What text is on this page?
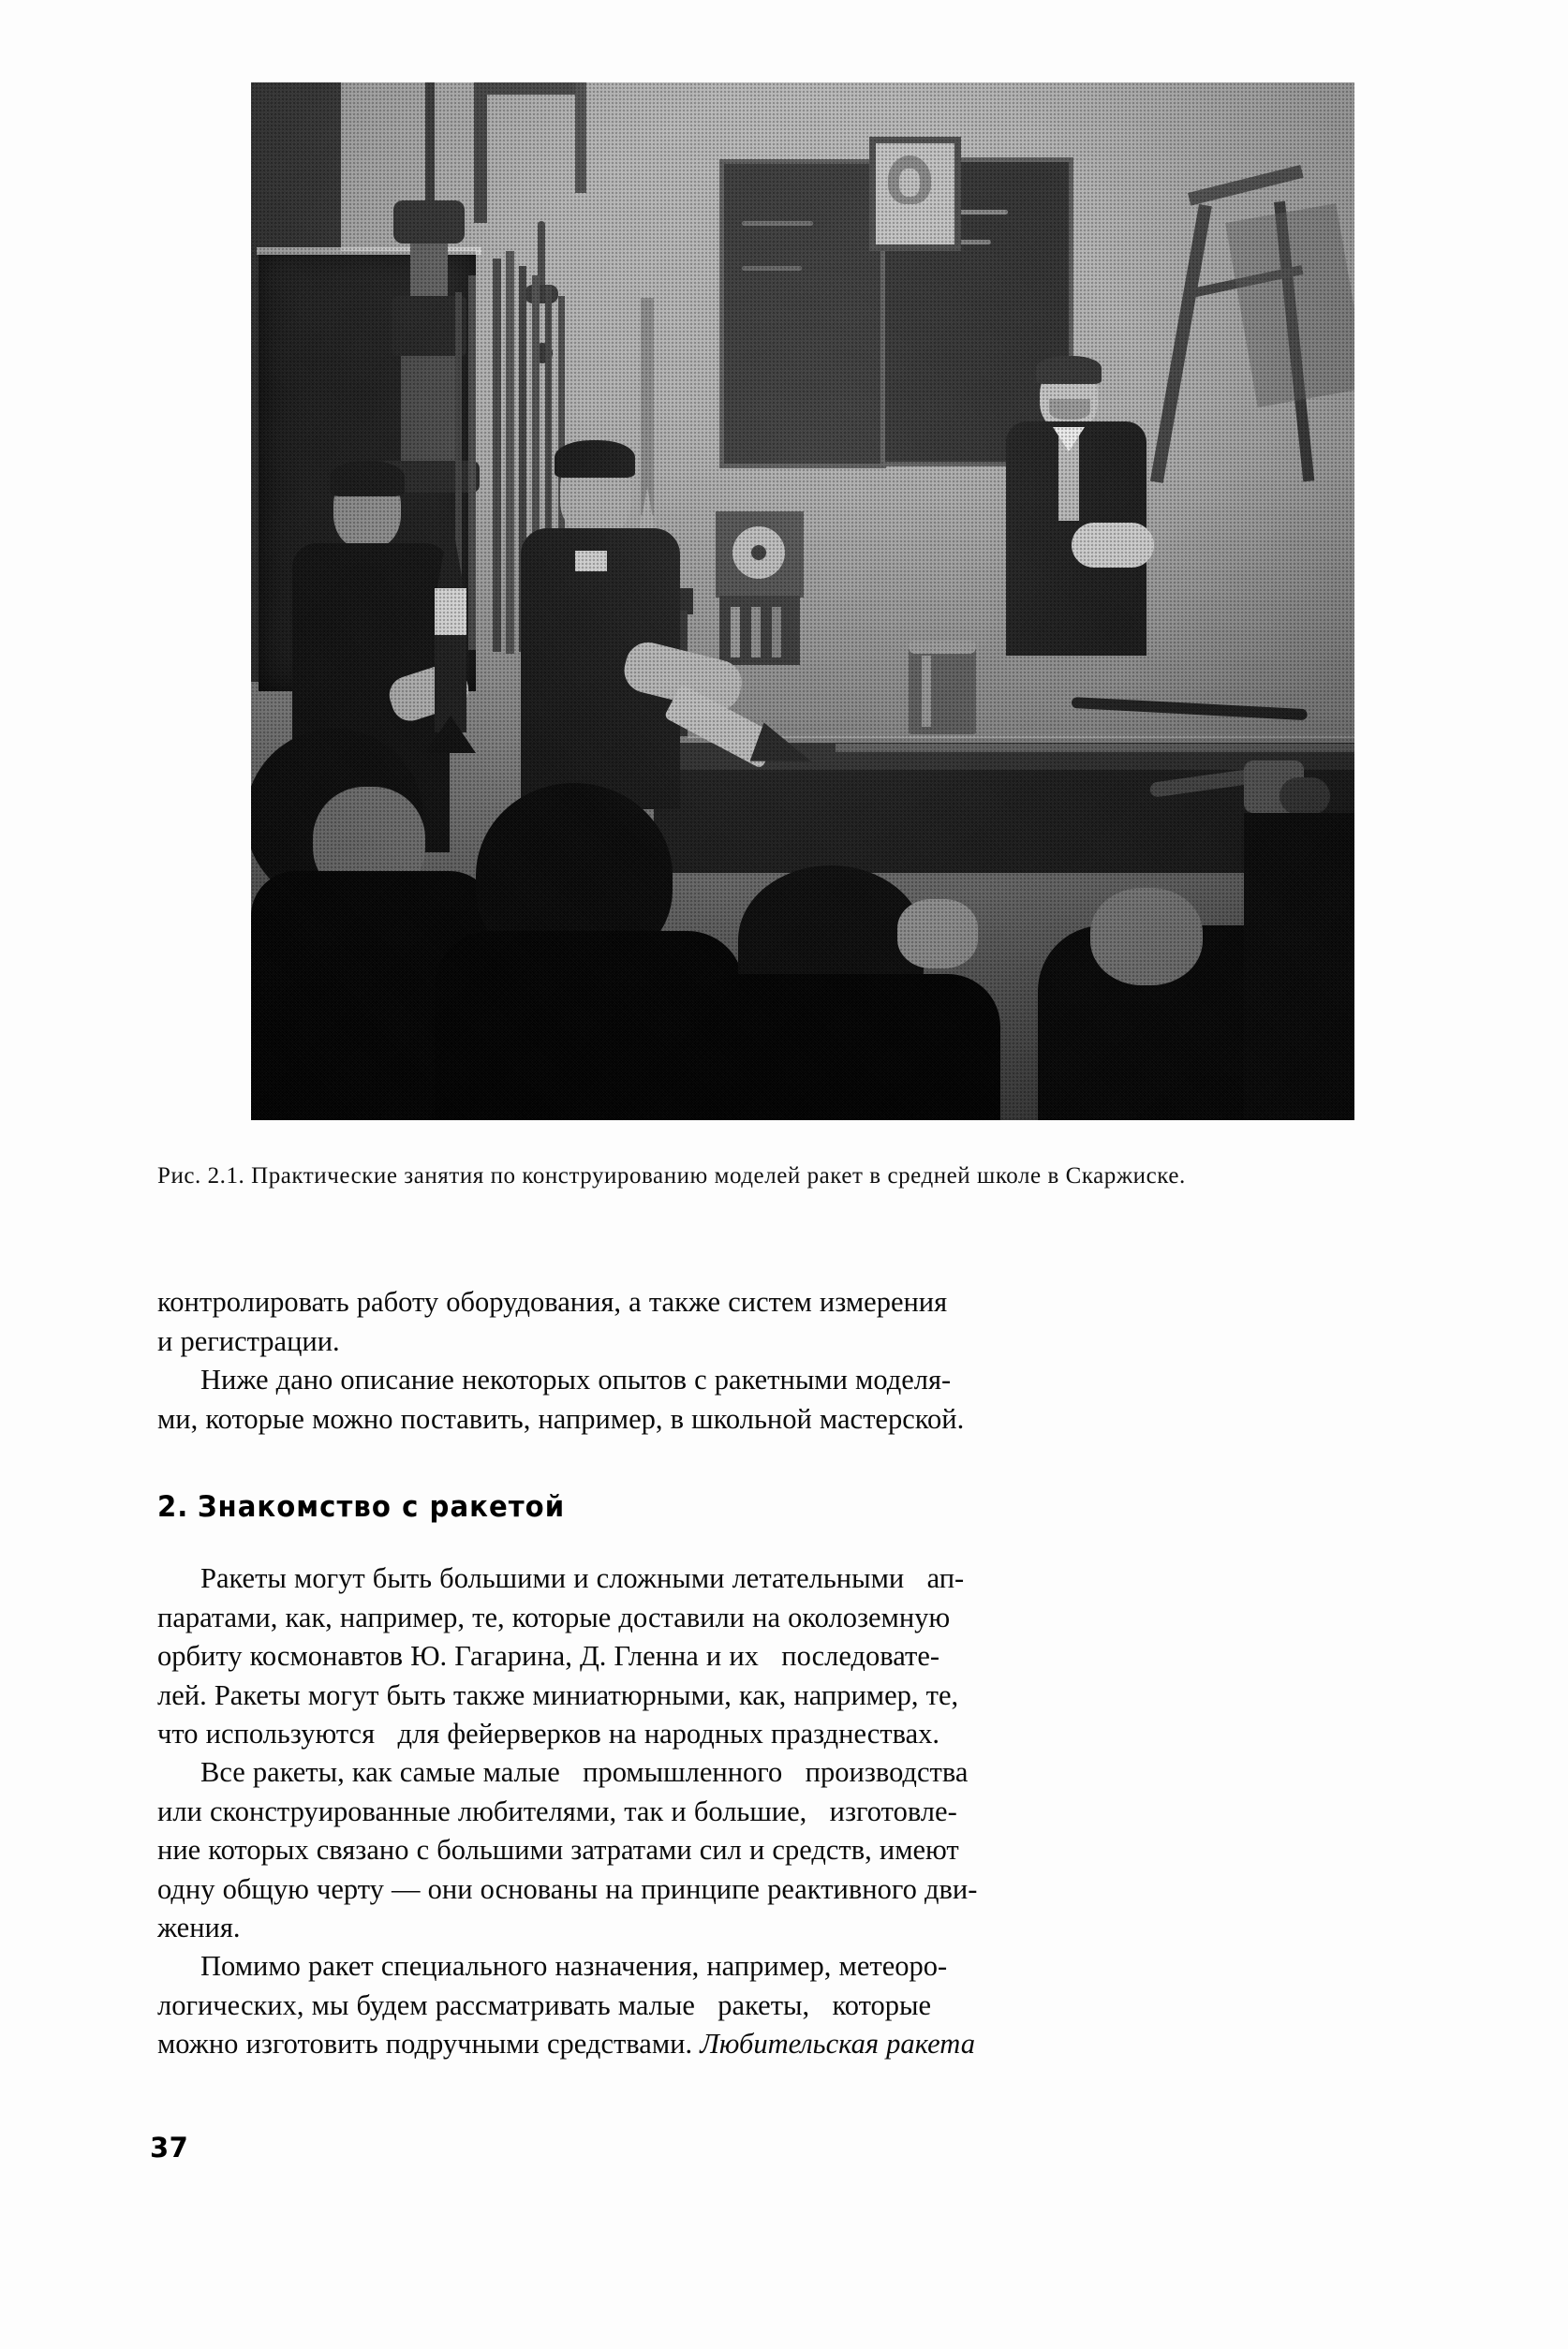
Рис. 2.1. Практические занятия по конструированию моделей ракет в средней школе в Скаржиске.
контролировать работу оборудования, а также систем измерения
и регистрации.
Ниже дано описание некоторых опытов с ракетными моделя-
ми, которые можно поставить, например, в школьной мастерской.
2. Знакомство с ракетой
Ракеты могут быть большими и сложными летательными   ап-
паратами, как, например, те, которые доставили на околоземную
орбиту космонавтов Ю. Гагарина, Д. Гленна и их   последовате-
лей. Ракеты могут быть также миниатюрными, как, например, те,
что используются   для фейерверков на народных празднествах.
Все ракеты, как самые малые   промышленного   производства
или сконструированные любителями, так и большие,   изготовле-
ние которых связано с большими затратами сил и средств, имеют
одну общую черту — они основаны на принципе реактивного дви-
жения.
Помимо ракет специального назначения, например, метеоро-
логических, мы будем рассматривать малые   ракеты,   которые
можно изготовить подручными средствами. Любительская ракета
37
